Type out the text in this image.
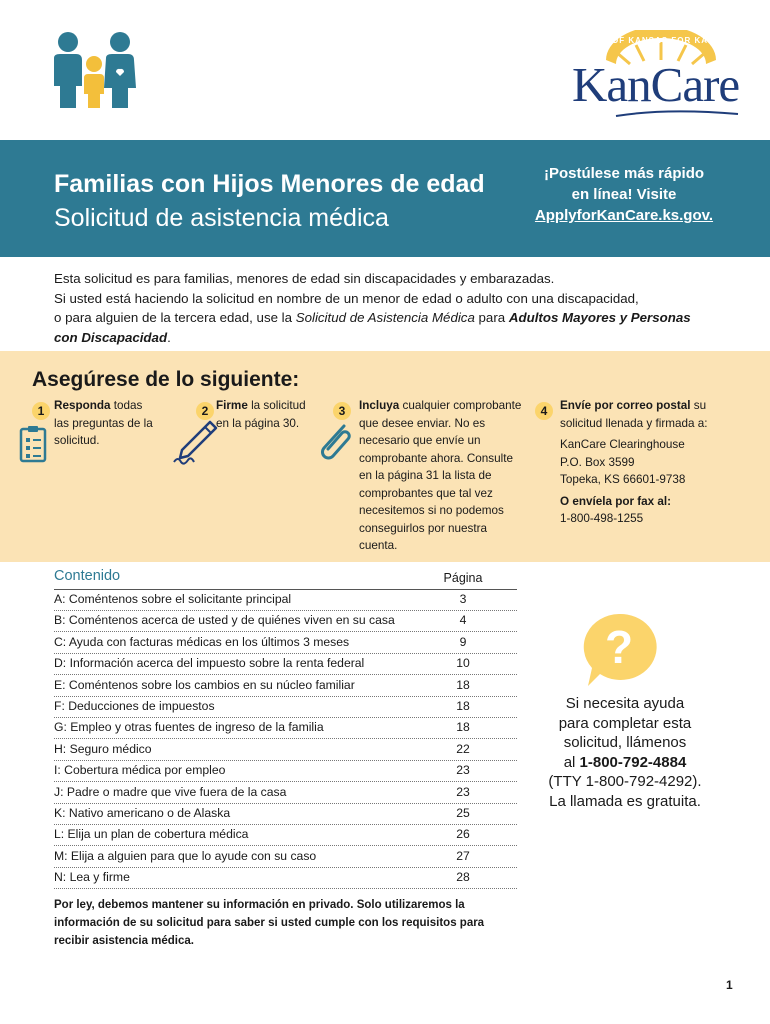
OF KANSAS FOR KANSAS
KanCare
Familias con Hijos Menores de edad
Solicitud de asistencia médica
¡Postúlese más rápido
en línea! Visite
ApplyforKanCare.ks.gov.
Esta solicitud es para familias, menores de edad sin discapacidades y embarazadas.
Si usted está haciendo la solicitud en nombre de un menor de edad o adulto con una discapacidad,
o para alguien de la tercera edad, use la Solicitud de Asistencia Médica para Adultos Mayores y Personas
con Discapacidad.
Asegúrese de lo siguiente:
1 Responda todas
las preguntas de la
solicitud.
2 Firme la solicitud
en la página 30.
3	Incluya cualquier comprobante
que desee enviar. No es
necesario que envíe un
comprobante ahora. Consulte
en la página 31 la lista de
comprobantes que tal vez
necesitemos si no podemos
conseguirlos por nuestra
cuenta.
4	Envíe por correo postal su
solicitud llenada y firmada a:
KanCare Clearinghouse
P.O. Box 3599
Topeka, KS 66601-9738
O envíela por fax al:
1-800-498-1255
Contenido	Página
A: Coméntenos sobre el solicitante principal	3
B: Coméntenos acerca de usted y de quiénes viven en su casa	4
C: Ayuda con facturas médicas en los últimos 3 meses	9
D: Información acerca del impuesto sobre la renta federal	10
E: Coméntenos sobre los cambios en su núcleo familiar	18
F: Deducciones de impuestos	18
G: Empleo y otras fuentes de ingreso de la familia	18
H: Seguro médico	22
I: Cobertura médica por empleo	23
J: Padre o madre que vive fuera de la casa	23
K: Nativo americano o de Alaska	25
L: Elija un plan de cobertura médica	26
M: Elija a alguien para que lo ayude con su caso	27
N: Lea y firme	28
Por ley, debemos mantener su información en privado. Solo utilizaremos la
información de su solicitud para saber si usted cumple con los requisitos para
recibir asistencia médica.
?
Si necesita ayuda
para completar esta
solicitud, llámenos
al 1-800-792-4884
(TTY 1-800-792-4292).
La llamada es gratuita.
1
